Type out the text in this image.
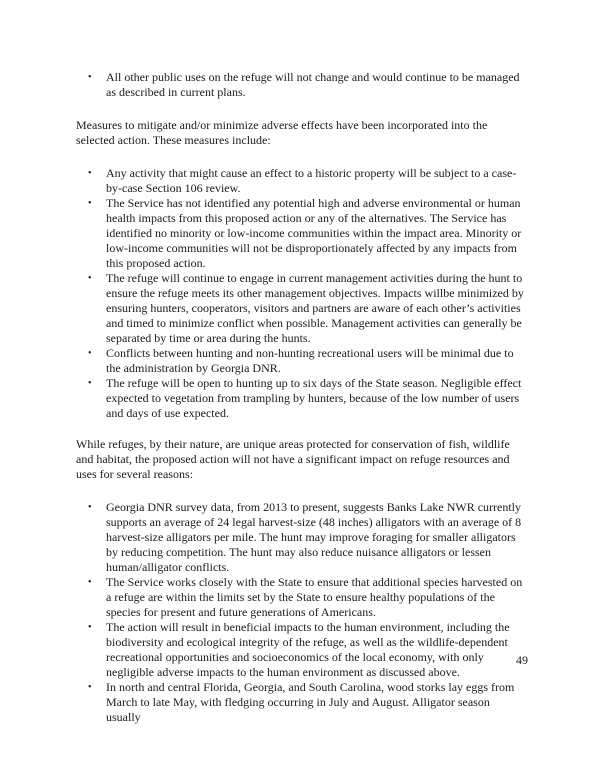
•	All other public uses on the refuge will not change and would continue to be managed as described in current plans.

Measures to mitigate and/or minimize adverse effects have been incorporated into the selected action. These measures include:

•	Any activity that might cause an effect to a historic property will be subject to a case-by-case Section 106 review.
•	The Service has not identified any potential high and adverse environmental or human health impacts from this proposed action or any of the alternatives. The Service has identified no minority or low-income communities within the impact area. Minority or low-income communities will not be disproportionately affected by any impacts from this proposed action.
•	The refuge will continue to engage in current management activities during the hunt to ensure the refuge meets its other management objectives. Impacts willbe minimized by ensuring hunters, cooperators, visitors and partners are aware of each other’s activities and timed to minimize conflict when possible. Management activities can generally be separated by time or area during the hunts.
•	Conflicts between hunting and non-hunting recreational users will be minimal due to the administration by Georgia DNR.
•	The refuge will be open to hunting up to six days of the State season. Negligible effect expected to vegetation from trampling by hunters, because of the low number of users and days of use expected.

While refuges, by their nature, are unique areas protected for conservation of fish, wildlife and habitat, the proposed action will not have a significant impact on refuge resources and uses for several reasons:

•	Georgia DNR survey data, from 2013 to present, suggests Banks Lake NWR currently supports an average of 24 legal harvest-size (48 inches) alligators with an average of 8 harvest-size alligators per mile. The hunt may improve foraging for smaller alligators by reducing competition. The hunt may also reduce nuisance alligators or lessen human/alligator conflicts.
•	The Service works closely with the State to ensure that additional species harvested on a refuge are within the limits set by the State to ensure healthy populations of the species for present and future generations of Americans.
•	The action will result in beneficial impacts to the human environment, including the biodiversity and ecological integrity of the refuge, as well as the wildlife-dependent recreational opportunities and socioeconomics of the local economy, with only negligible adverse impacts to the human environment as discussed above.
•	In north and central Florida, Georgia, and South Carolina, wood storks lay eggs from March to late May, with fledging occurring in July and August. Alligator season usually
49
